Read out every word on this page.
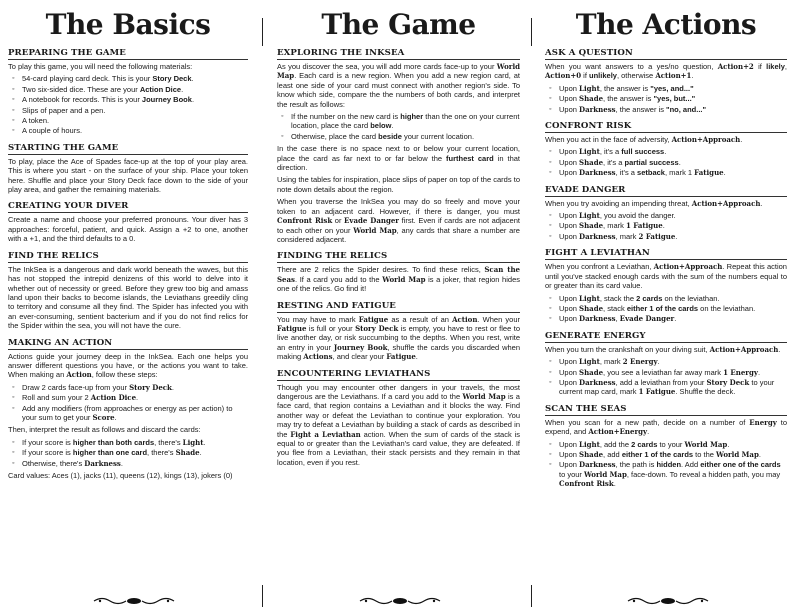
The Basics
PREPARING THE GAME

To play this game, you will need the following materials:

◦ 54-card playing card deck. This is your Story Deck.
◦ Two six-sided dice. These are your Action Dice.
◦ A notebook for records. This is your Journey Book.
◦ Slips of paper and a pen.
◦ A token.
◦ A couple of hours.
STARTING THE GAME

To play, place the Ace of Spades face-up at the top of your play area. This is where you start - on the surface of your ship. Place your token here. Shuffle and place your Story Deck face down to the side of your play area, and gather the remaining materials.

CREATING YOUR DIVER

Create a name and choose your preferred pronouns. Your diver has 3 approaches: forceful, patient, and quick. Assign a +2 to one, another with a +1, and the third defaults to a 0.

FIND THE RELICS

The InkSea is a dangerous and dark world beneath the waves, but this has not stopped the intrepid denizens of this world to delve into it whether out of necessity or greed. Before they grew too big and amass land upon their backs to become islands, the Leviathans greedily cling to territory and consume all they find. The Spider has infected you with an ever-consuming, sentient bacterium and if you do not find relics for the Spider within the sea, you will not have the cure.

MAKING AN ACTION

Actions guide your journey deep in the InkSea. Each one helps you answer different questions you have, or the actions you want to take. When making an Action, follow these steps:

◦ Draw 2 cards face-up from your Story Deck.
◦ Roll and sum your 2 Action Dice.
◦ Add any modifiers (from approaches or energy as per action) to your sum to get your Score.

Then, interpret the result as follows and discard the cards:

◦ If your score is higher than both cards, there's Light.
◦ If your score is higher than one card, there's Shade.
◦ Otherwise, there's Darkness.

Card values: Aces (1), jacks (11), queens (12), kings (13), jokers (0)

The Game
EXPLORING THE INKSEA

As you discover the sea, you will add more cards face-up to your World Map. Each card is a new region. When you add a new region card, at least one side of your card must connect with another region's side. To know which side, compare the the numbers of both cards, and interpret the result as follows:

◦ If the number on the new card is higher than the one on your current location, place the card below.
◦ Otherwise, place the card beside your current location.

In the case there is no space next to or below your current location, place the card as far next to or far below the furthest card in that direction.

Using the tables for inspiration, place slips of paper on top of the cards to note down details about the region.

When you traverse the InkSea you may do so freely and move your token to an adjacent card. However, if there is danger, you must Confront Risk or Evade Danger first. Even if cards are not adjacent to each other on your World Map, any cards that share a number are considered adjacent.

FINDING THE RELICS

There are 2 relics the Spider desires. To find these relics, Scan the Seas. If a card you add to the World Map is a joker, that region hides one of the relics. Go find it!

RESTING AND FATIGUE

You may have to mark Fatigue as a result of an Action. When your Fatigue is full or your Story Deck is empty, you have to rest or flee to live another day, or risk succumbing to the depths. When you rest, write an entry in your Journey Book, shuffle the cards you discarded when making Actions, and clear your Fatigue.

ENCOUNTERING LEVIATHANS

Though you may encounter other dangers in your travels, the most dangerous are the Leviathans. If a card you add to the World Map is a face card, that region contains a Leviathan and it blocks the way. Find another way or defeat the Leviathan to continue your exploration. You may try to defeat a Leviathan by building a stack of cards as described in the Fight a Leviathan action. When the sum of cards of the stack is equal to or greater than the Leviathan's card value, they are defeated. If you flee from a Leviathan, their stack persists and they remain in that location, even if you rest.

The Actions
ASK A QUESTION

When you want answers to a yes/no question, Action+2 if likely, Action+0 if unlikely, otherwise Action+1.

◦ Upon Light, the answer is "yes, and..."
◦ Upon Shade, the answer is "yes, but..."
◦ Upon Darkness, the answer is "no, and..."
CONFRONT RISK

When you act in the face of adversity, Action+Approach.

◦ Upon Light, it's a full success.
◦ Upon Shade, it's a partial success.
◦ Upon Darkness, it's a setback, mark 1 Fatigue.
EVADE DANGER

When you try avoiding an impending threat, Action+Approach.

◦ Upon Light, you avoid the danger.
◦ Upon Shade, mark 1 Fatigue.
◦ Upon Darkness, mark 2 Fatigue.
FIGHT A LEVIATHAN

When you confront a Leviathan, Action+Approach. Repeat this action until you've stacked enough cards with the sum of the numbers equal to or greater than its card value.

◦ Upon Light, stack the 2 cards on the leviathan.
◦ Upon Shade, stack either 1 of the cards on the leviathan.
◦ Upon Darkness, Evade Danger.
GENERATE ENERGY

When you turn the crankshaft on your diving suit, Action+Approach.

◦ Upon Light, mark 2 Energy.
◦ Upon Shade, you see a leviathan far away mark 1 Energy.
◦ Upon Darkness, add a leviathan from your Story Deck to your current map card, mark 1 Fatigue. Shuffle the deck.
SCAN THE SEAS

When you scan for a new path, decide on a number of Energy to expend, and Action+Energy.

◦ Upon Light, add the 2 cards to your World Map.
◦ Upon Shade, add either 1 of the cards to the World Map.
◦ Upon Darkness, the path is hidden. Add either one of the cards to your World Map, face-down. To reveal a hidden path, you may Confront Risk.
